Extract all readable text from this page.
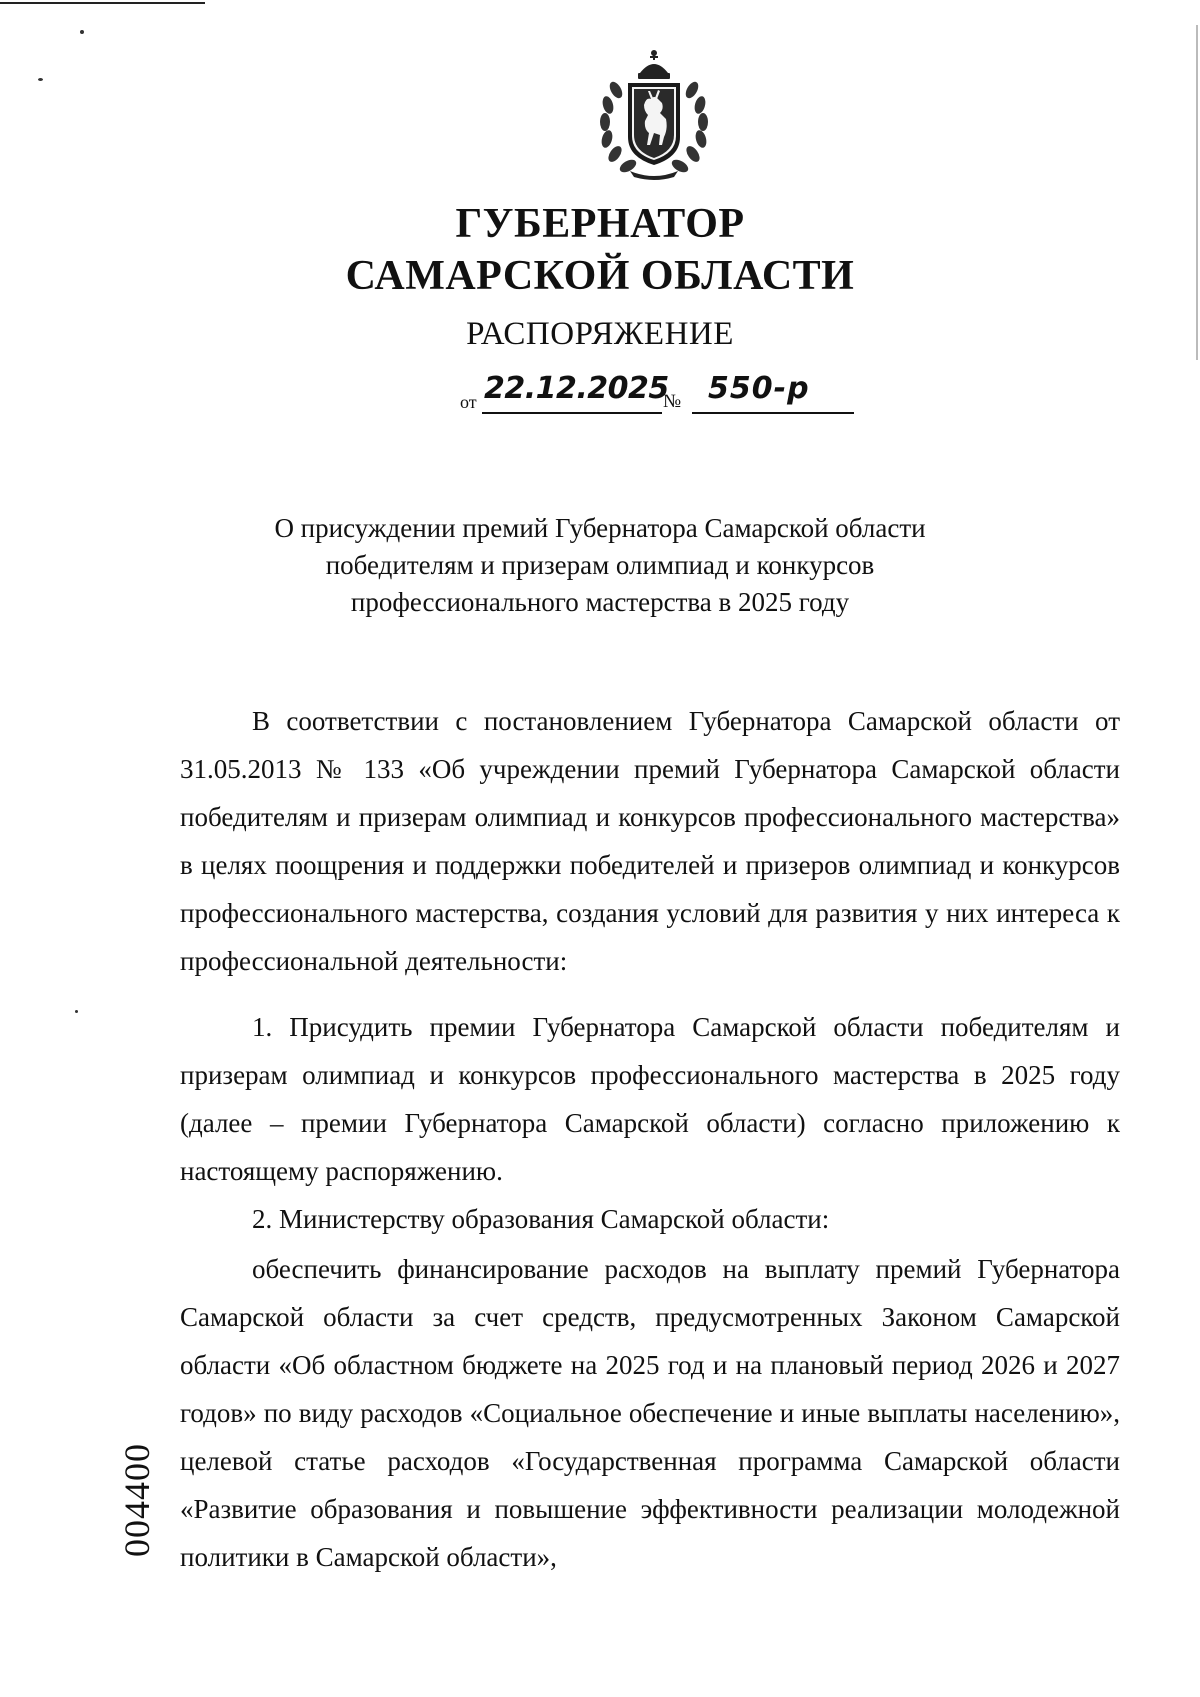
ГУБЕРНАТОР
САМАРСКОЙ ОБЛАСТИ
РАСПОРЯЖЕНИЕ
от 22.12.2025
№ 550-р
О присуждении премий Губернатора Самарской области
победителям и призерам олимпиад и конкурсов
профессионального мастерства в 2025 году

В соответствии с постановлением Губернатора Самарской области от 31.05.2013 № 133 «Об учреждении премий Губернатора Самарской области победителям и призерам олимпиад и конкурсов профессионального мастерства» в целях поощрения и поддержки победителей и призеров олимпиад и конкурсов профессионального мастерства, создания условий для развития у них интереса к профессиональной деятельности:

1. Присудить премии Губернатора Самарской области победителям и призерам олимпиад и конкурсов профессионального мастерства в 2025 году (далее – премии Губернатора Самарской области) согласно приложению к настоящему распоряжению.

2. Министерству образования Самарской области:

обеспечить финансирование расходов на выплату премий Губернатора Самарской области за счет средств, предусмотренных Законом Самарской области «Об областном бюджете на 2025 год и на плановый период 2026 и 2027 годов» по виду расходов «Социальное обеспечение и иные выплаты населению», целевой статье расходов «Государственная программа Самарской области «Развитие образования и повышение эффективности реализации молодежной политики в Самарской области»,

004400
